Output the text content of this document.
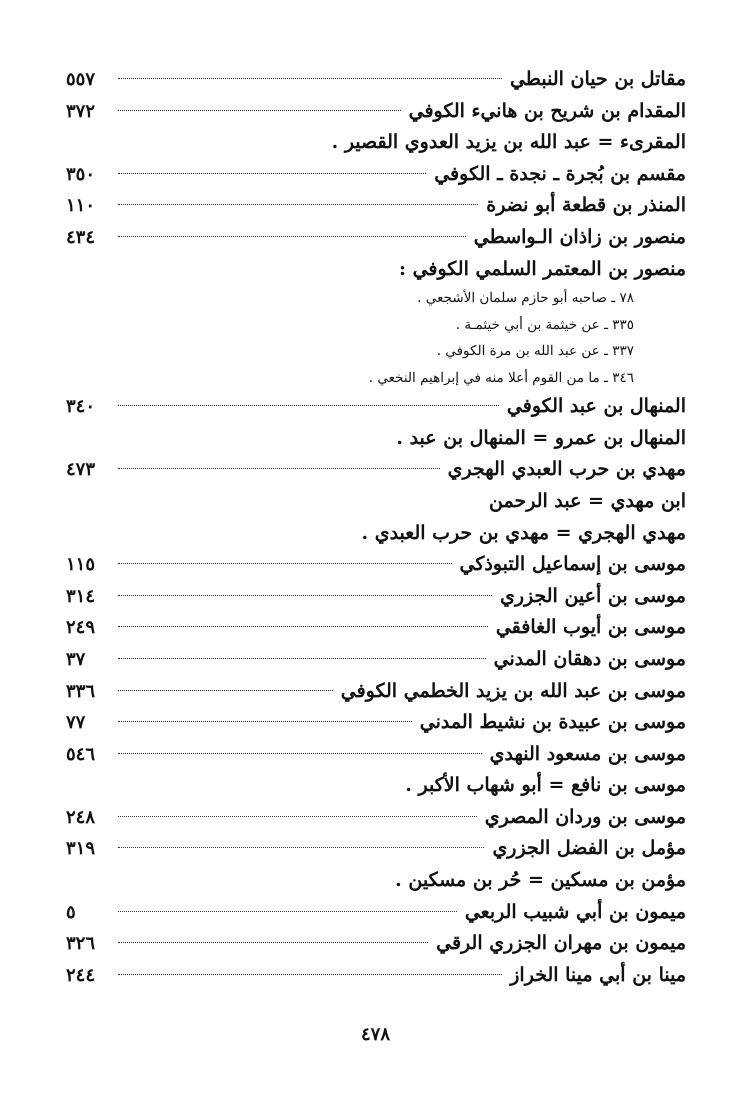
مقاتل بن حيان النبطي
٥٥٧
المقدام بن شريح بن هانيء الكوفي
٣٧٢
المقرىء = عبد الله بن يزيد العدوي القصير .
مقسم بن بُجرة ـ نجدة ـ الكوفي
٣٥٠
المنذر بن قطعة أبو نضرة
١١٠
منصور بن زاذان الـواسطي
٤٣٤
منصور بن المعتمر السلمي الكوفي :
٧٨ ـ صاحبه أبو حازم سلمان الأشجعي .
٣٣٥ ـ عن خيثمة بن أبي خيثمـة .
٣٣٧ ـ عن عبد الله بن مرة الكوفي .
٣٤٦ ـ ما من القوم أعلا منه في إبراهيم النخعي .
المنهال بن عبد الكوفي
٣٤٠
المنهال بن عمرو = المنهال بن عبد .
مهدي بن حرب العبدي الهجري
٤٧٣
ابن مهدي = عبد الرحمن
مهدي الهجري = مهدي بن حرب العبدي .
موسى بن إسماعيل التبوذكي
١١٥
موسى بن أعين الجزري
٣١٤
موسى بن أيوب الغافقي
٢٤٩
موسى بن دهقان المدني
٣٧
موسى بن عبد الله بن يزيد الخطمي الكوفي
٣٣٦
موسى بن عبيدة بن نشيط المدني
٧٧
موسى بن مسعود النهدي
٥٤٦
موسى بن نافع = أبو شهاب الأكبر .
موسى بن وردان المصري
٢٤٨
مؤمل بن الفضل الجزري
٣١٩
مؤمن بن مسكين = حُر بن مسكين .
ميمون بن أبي شبيب الربعي
٥
ميمون بن مهران الجزري الرقي
٣٢٦
مينا بن أبي مينا الخراز
٢٤٤
٤٧٨
